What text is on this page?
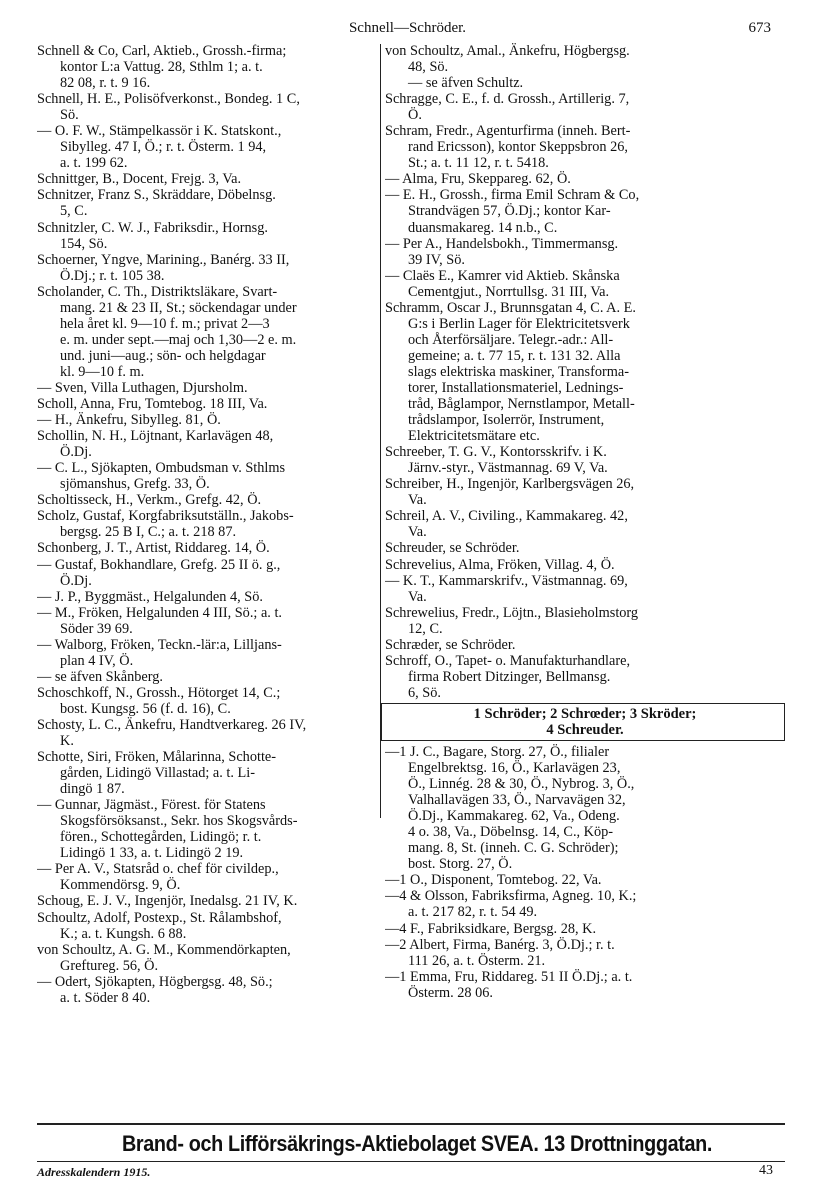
Schnell—Schröder.	673
Schnell & Co, Carl, Aktieb., Grossh.-firma;
kontor L:a Vattug. 28, Sthlm 1; a. t.
82 08, r. t. 9 16.
Schnell, H. E., Polisöfverkonst., Bondeg. 1 C,
Sö.
— O. F. W., Stämpelkassör i K. Statskont.,
Sibylleg. 47 I, Ö.; r. t. Österm. 1 94,
a. t. 199 62.
Schnittger, B., Docent, Frejg. 3, Va.
Schnitzer, Franz S., Skräddare, Döbelnsg.
5, C.
Schnitzler, C. W. J., Fabriksdir., Hornsg.
154, Sö.
Schoerner, Yngve, Marining., Banérg. 33 II,
Ö.Dj.; r. t. 105 38.
Scholander, C. Th., Distriktsläkare, Svart-
mang. 21 & 23 II, St.; söckendagar under
hela året kl. 9—10 f. m.; privat 2—3
e. m. under sept.—maj och 1,30—2 e. m.
und. juni—aug.; sön- och helgdagar
kl. 9—10 f. m.
— Sven, Villa Luthagen, Djursholm.
Scholl, Anna, Fru, Tomtebog. 18 III, Va.
— H., Änkefru, Sibylleg. 81, Ö.
Schollin, N. H., Löjtnant, Karlavägen 48,
Ö.Dj.
— C. L., Sjökapten, Ombudsman v. Sthlms
sjömanshus, Grefg. 33, Ö.
Scholtisseck, H., Verkm., Grefg. 42, Ö.
Scholz, Gustaf, Korgfabriksutställn., Jakobs-
bergsg. 25 B I, C.; a. t. 218 87.
Schonberg, J. T., Artist, Riddareg. 14, Ö.
— Gustaf, Bokhandlare, Grefg. 25 II ö. g.,
Ö.Dj.
— J. P., Byggmäst., Helgalunden 4, Sö.
— M., Fröken, Helgalunden 4 III, Sö.; a. t.
Söder 39 69.
— Walborg, Fröken, Teckn.-lär:a, Lilljans-
plan 4 IV, Ö.
— se äfven Skånberg.
Schoschkoff, N., Grossh., Hötorget 14, C.;
bost. Kungsg. 56 (f. d. 16), C.
Schosty, L. C., Änkefru, Handtverkareg. 26 IV,
K.
Schotte, Siri, Fröken, Målarinna, Schotte-
gården, Lidingö Villastad; a. t. Li-
dingö 1 87.
— Gunnar, Jägmäst., Förest. för Statens
Skogsförsöksanst., Sekr. hos Skogsvårds-
fören., Schottegården, Lidingö; r. t.
Lidingö 1 33, a. t. Lidingö 2 19.
— Per A. V., Statsråd o. chef för civildep.,
Kommendörsg. 9, Ö.
Schoug, E. J. V., Ingenjör, Inedalsg. 21 IV, K.
Schoultz, Adolf, Postexp., St. Rålambshof,
K.; a. t. Kungsh. 6 88.
von Schoultz, A. G. M., Kommendörkapten,
Greftureg. 56, Ö.
— Odert, Sjökapten, Högbergsg. 48, Sö.;
a. t. Söder 8 40.
von Schoultz, Amal., Änkefru, Högbergsg.
48, Sö.
— se äfven Schultz.
Schragge, C. E., f. d. Grossh., Artillerig. 7,
Ö.
Schram, Fredr., Agenturfirma (inneh. Bert-
rand Ericsson), kontor Skeppsbron 26,
St.; a. t. 11 12, r. t. 5418.
— Alma, Fru, Skeppareg. 62, Ö.
— E. H., Grossh., firma Emil Schram & Co,
Strandvägen 57, Ö.Dj.; kontor Kar-
duansmakareg. 14 n.b., C.
— Per A., Handelsbokh., Timmermansg.
39 IV, Sö.
— Claës E., Kamrer vid Aktieb. Skånska
Cementgjut., Norrtullsg. 31 III, Va.
Schramm, Oscar J., Brunnsgatan 4, C. A. E.
G:s i Berlin Lager för Elektricitetsverk
och Återförsäljare. Telegr.-adr.: All-
gemeine; a. t. 77 15, r. t. 131 32. Alla
slags elektriska maskiner, Transforma-
torer, Installationsmateriel, Lednings-
tråd, Båglampor, Nernstlampor, Metall-
trådslampor, Isolerrör, Instrument,
Elektricitetsmätare etc.
Schreeber, T. G. V., Kontorsskrifv. i K.
Järnv.-styr., Västmannag. 69 V, Va.
Schreiber, H., Ingenjör, Karlbergsvägen 26,
Va.
Schreil, A. V., Civiling., Kammakareg. 42,
Va.
Schreuder, se Schröder.
Schrevelius, Alma, Fröken, Villag. 4, Ö.
— K. T., Kammarskrifv., Västmannag. 69,
Va.
Schrewelius, Fredr., Löjtn., Blasieholmstorg
12, C.
Schræder, se Schröder.
Schroff, O., Tapet- o. Manufakturhandlare,
firma Robert Ditzinger, Bellmansg.
6, Sö.
1 Schröder; 2 Schrœder; 3 Skröder;
4 Schreuder.
—1 J. C., Bagare, Storg. 27, Ö., filialer
Engelbrektsg. 16, Ö., Karlavägen 23,
Ö., Linnég. 28 & 30, Ö., Nybrog. 3, Ö.,
Valhallavägen 33, Ö., Narvavägen 32,
Ö.Dj., Kammakareg. 62, Va., Odeng.
4 o. 38, Va., Döbelnsg. 14, C., Köp-
mang. 8, St. (inneh. C. G. Schröder);
bost. Storg. 27, Ö.
—1 O., Disponent, Tomtebog. 22, Va.
—4 & Olsson, Fabriksfirma, Agneg. 10, K.;
a. t. 217 82, r. t. 54 49.
—4 F., Fabriksidkare, Bergsg. 28, K.
—2 Albert, Firma, Banérg. 3, Ö.Dj.; r. t.
111 26, a. t. Österm. 21.
—1 Emma, Fru, Riddareg. 51 II Ö.Dj.; a. t.
Österm. 28 06.
Brand- och Lifförsäkrings-Aktiebolaget SVEA. 13 Drottninggatan.
Adresskalendern 1915.	43
